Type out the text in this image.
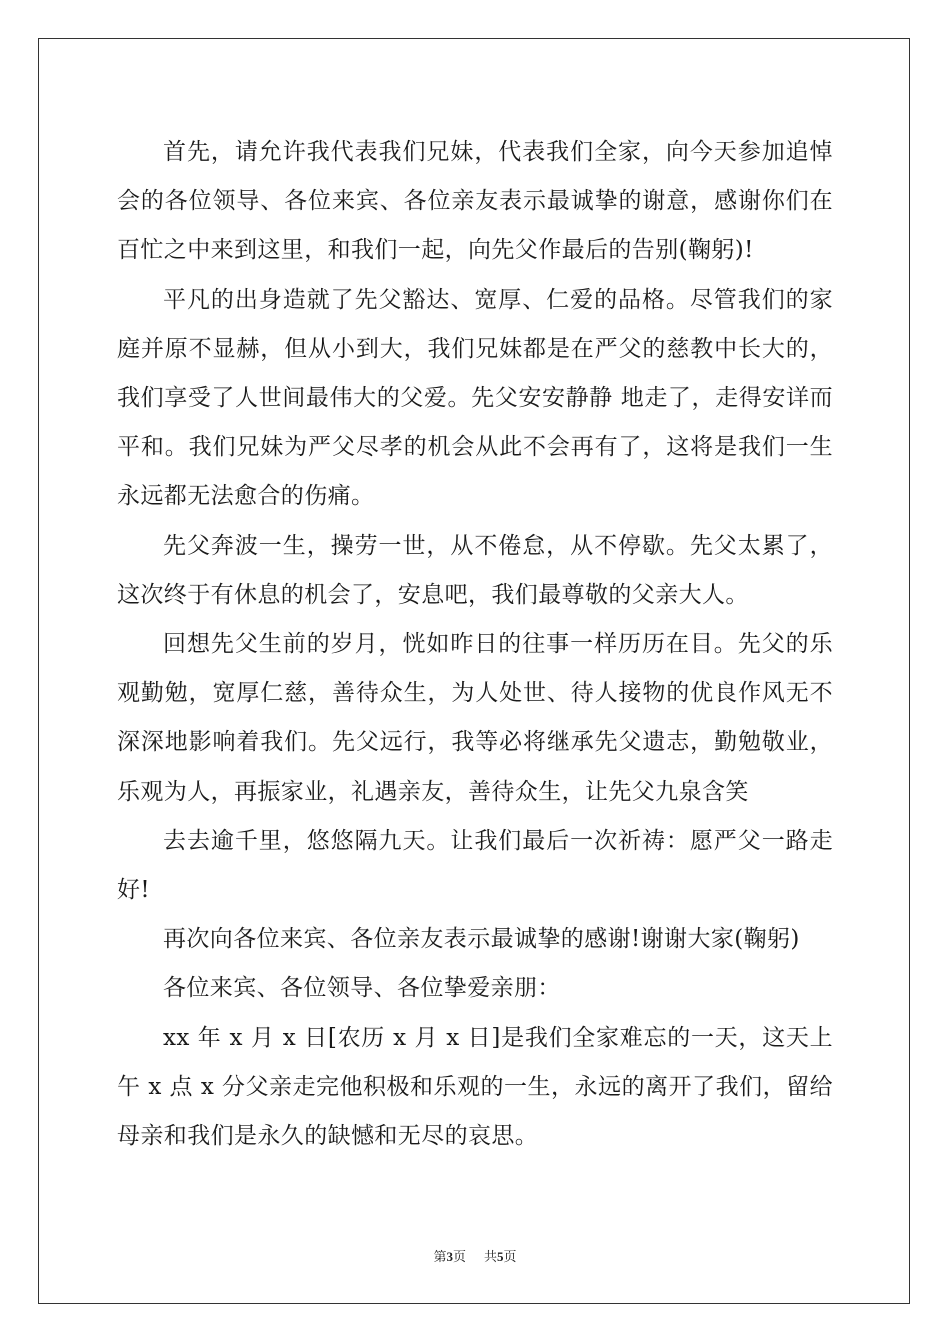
首先，请允许我代表我们兄妹，代表我们全家，向今天参加追悼会的各位领导、各位来宾、各位亲友表示最诚挚的谢意，感谢你们在百忙之中来到这里，和我们一起，向先父作最后的告别(鞠躬)!

平凡的出身造就了先父豁达、宽厚、仁爱的品格。尽管我们的家庭并原不显赫，但从小到大，我们兄妹都是在严父的慈教中长大的，我们享受了人世间最伟大的父爱。先父安安静静 地走了，走得安详而平和。我们兄妹为严父尽孝的机会从此不会再有了，这将是我们一生永远都无法愈合的伤痛。

先父奔波一生，操劳一世，从不倦怠，从不停歇。先父太累了，这次终于有休息的机会了，安息吧，我们最尊敬的父亲大人。

回想先父生前的岁月，恍如昨日的往事一样历历在目。先父的乐观勤勉，宽厚仁慈，善待众生，为人处世、待人接物的优良作风无不深深地影响着我们。先父远行，我等必将继承先父遗志，勤勉敬业，乐观为人，再振家业，礼遇亲友，善待众生，让先父九泉含笑

去去逾千里，悠悠隔九天。让我们最后一次祈祷：愿严父一路走好!

再次向各位来宾、各位亲友表示最诚挚的感谢!谢谢大家(鞠躬)

各位来宾、各位领导、各位挚爱亲朋：

xx 年 x 月 x 日[农历 x 月 x 日]是我们全家难忘的一天，这天上午 x 点 x 分父亲走完他积极和乐观的一生，永远的离开了我们，留给母亲和我们是永久的缺憾和无尽的哀思。

第3页 共5页
